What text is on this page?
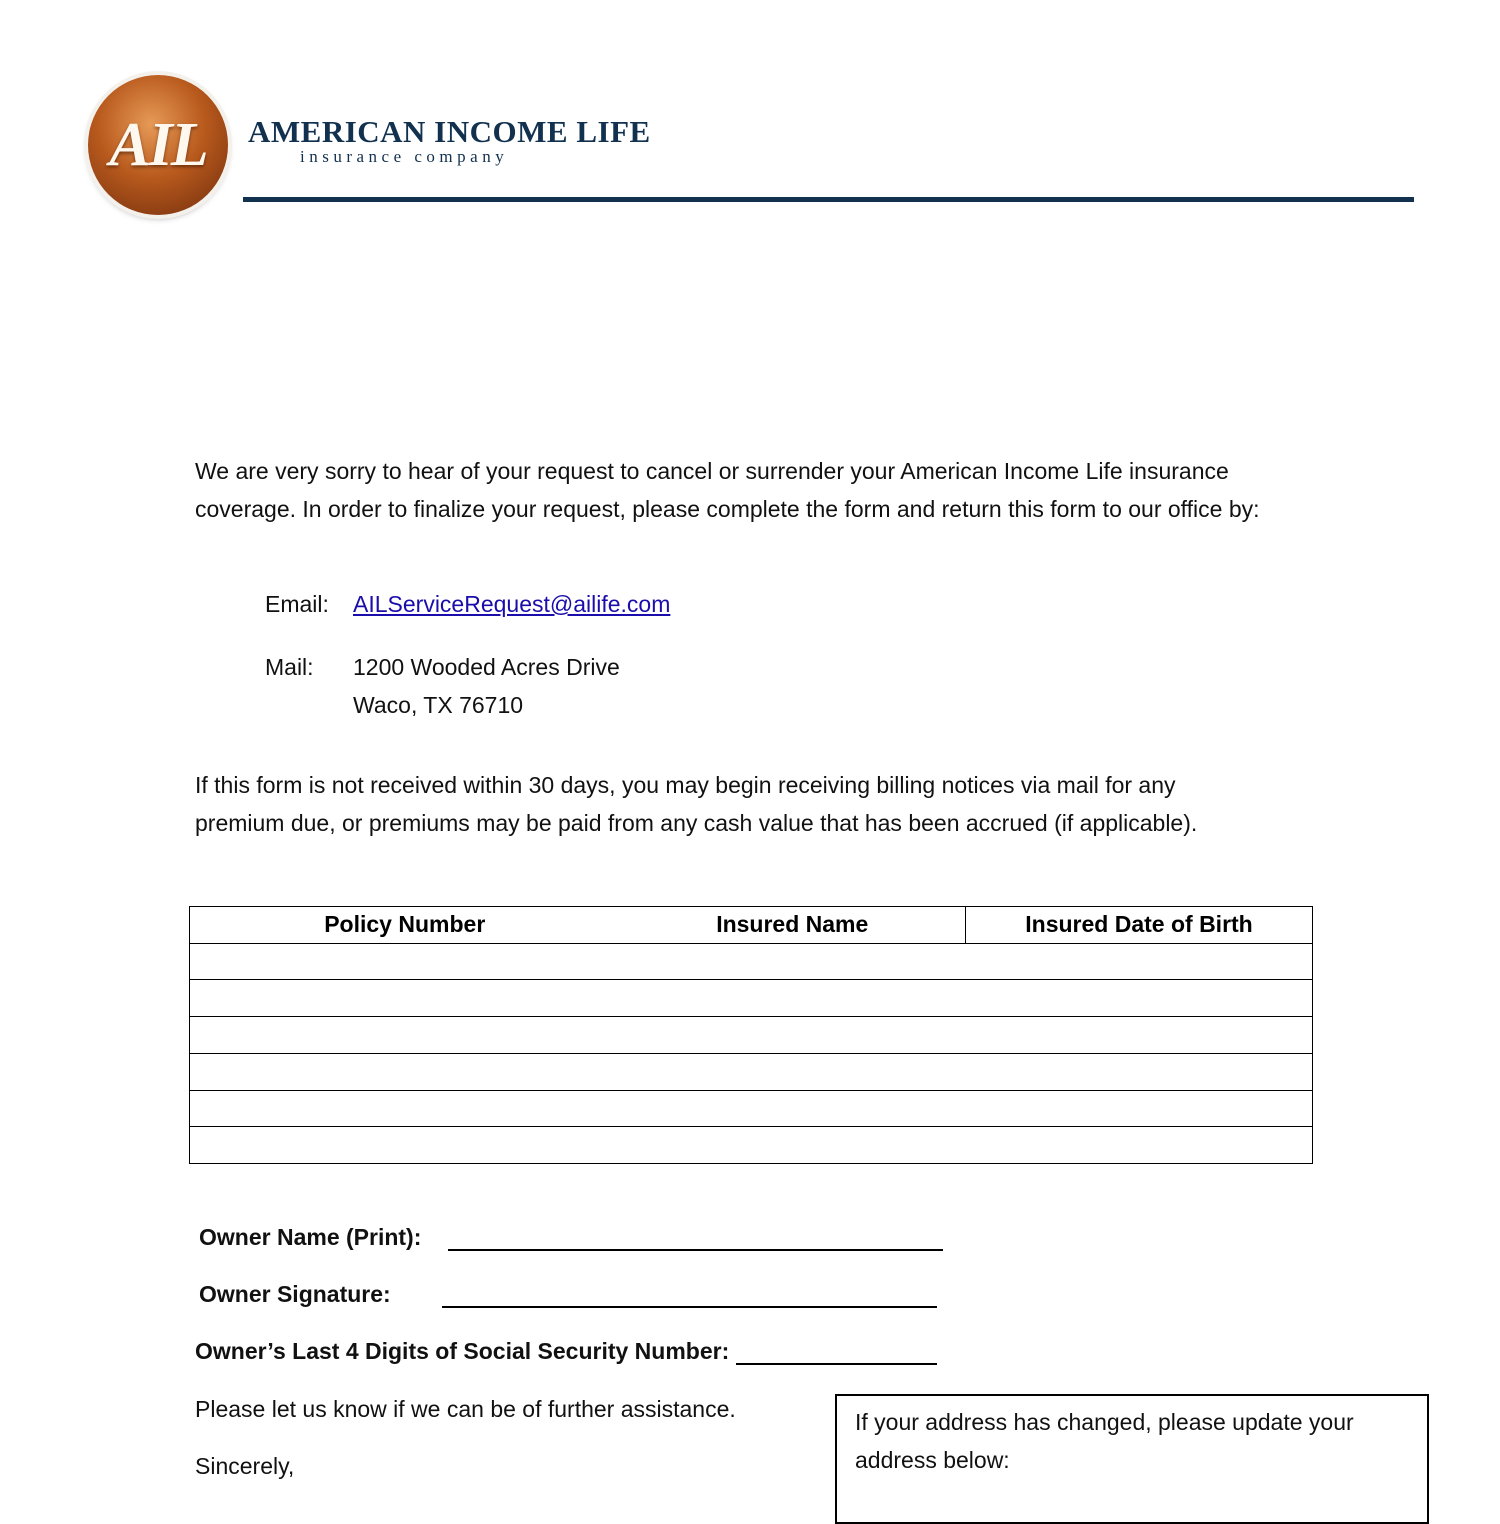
AIL	AMERICAN INCOME LIFE
insurance company
We are very sorry to hear of your request to cancel or surrender your American Income Life insurance coverage. In order to finalize your request, please complete the form and return this form to our office by:
Email: AILServiceRequest@ailife.com
Mail: 1200 Wooded Acres Drive
Waco, TX 76710
If this form is not received within 30 days, you may begin receiving billing notices via mail for any premium due, or premiums may be paid from any cash value that has been accrued (if applicable).
Policy Number	Insured Name	Insured Date of Birth

Owner Name (Print):
Owner Signature:
Owner’s Last 4 Digits of Social Security Number:
Please let us know if we can be of further assistance.
Sincerely,
If your address has changed, please update your address below:
